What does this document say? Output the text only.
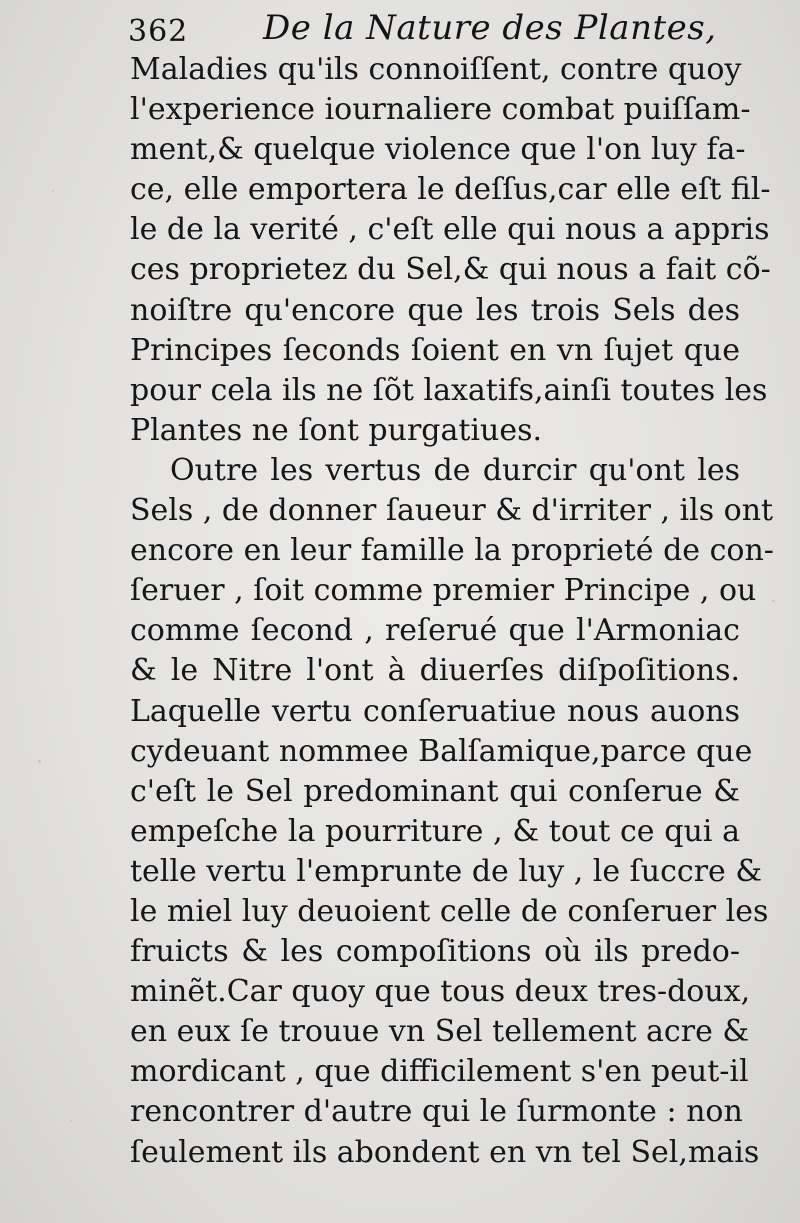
362 De la Nature des Plantes,
Maladies qu'ils connoiſſent, contre quoy
l'experience iournaliere combat puiſſam-
ment,& quelque violence que l'on luy fa-
ce, elle emportera le deſſus,car elle eſt fil-
le de la verité , c'eſt elle qui nous a appris
ces proprietez du Sel,& qui nous a fait cõ-
noiſtre qu'encore que les trois Sels des
Principes ſeconds ſoient en vn ſujet que
pour cela ils ne ſõt laxatifs,ainſi toutes les
Plantes ne ſont purgatiues.
Outre les vertus de durcir qu'ont les
Sels , de donner ſaueur & d'irriter , ils ont
encore en leur famille la proprieté de con-
ſeruer , ſoit comme premier Principe , ou
comme ſecond , reſerué que l'Armoniac
& le Nitre l'ont à diuerſes diſpoſitions.
Laquelle vertu conſeruatiue nous auons
cydeuant nommee Balſamique,parce que
c'eſt le Sel predominant qui conſerue &
empeſche la pourriture , & tout ce qui a
telle vertu l'emprunte de luy , le ſuccre &
le miel luy deuoient celle de conſeruer les
fruicts & les compoſitions où ils predo-
minẽt.Car quoy que tous deux tres-doux,
en eux ſe trouue vn Sel tellement acre &
mordicant , que difficilement s'en peut-il
rencontrer d'autre qui le ſurmonte : non
ſeulement ils abondent en vn tel Sel,mais
